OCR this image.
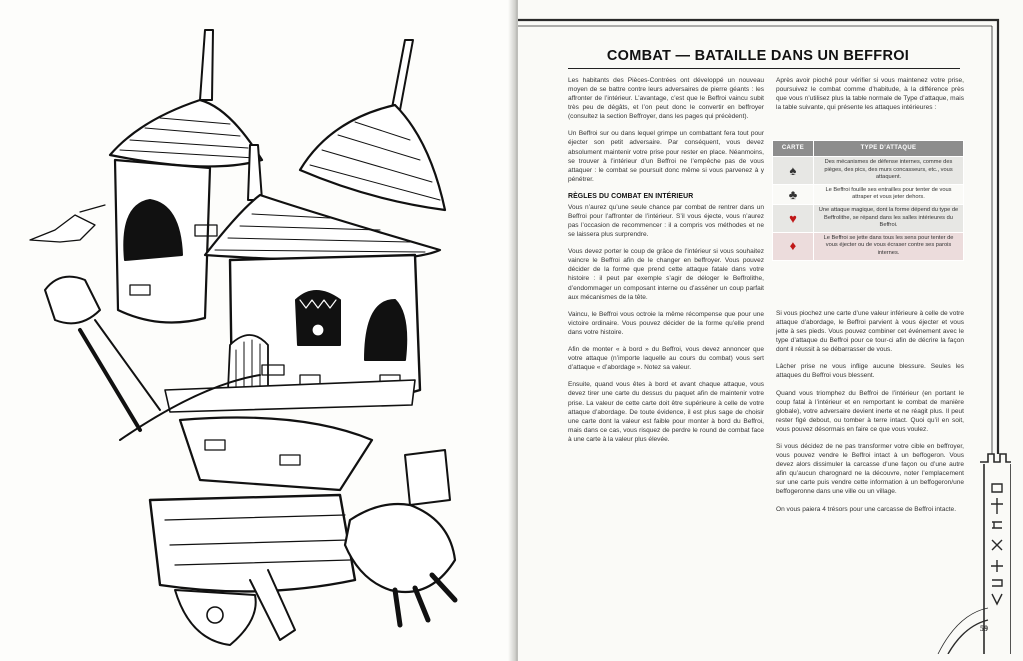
COMBAT — BATAILLE DANS UN BEFFROI

Les habitants des Pièces-Contrées ont développé un nouveau moyen de se battre contre leurs adversaires de pierre géants : les affronter de l’intérieur. L’avantage, c’est que le Beffroi vaincu subit très peu de dégâts, et l’on peut donc le convertir en beffroyer (consultez la section Beffroyer, dans les pages qui précèdent).

Un Beffroi sur ou dans lequel grimpe un combattant fera tout pour éjecter son petit adversaire. Par conséquent, vous devez absolument maintenir votre prise pour rester en place. Néanmoins, se trouver à l’intérieur d’un Beffroi ne l’empêche pas de vous attaquer : le combat se poursuit donc même si vous parvenez à y pénétrer.

RÈGLES DU COMBAT EN INTÉRIEUR

Vous n’aurez qu’une seule chance par combat de rentrer dans un Beffroi pour l’affronter de l’intérieur. S’il vous éjecte, vous n’aurez pas l’occasion de recommencer : il a compris vos méthodes et ne se laissera plus surprendre.

Vous devez porter le coup de grâce de l’intérieur si vous souhaitez vaincre le Beffroi afin de le changer en beffroyer. Vous pouvez décider de la forme que prend cette attaque fatale dans votre histoire : il peut par exemple s’agir de déloger le Beffrolithe, d’endommager un composant interne ou d’asséner un coup parfait aux mécanismes de la tête.

Vaincu, le Beffroi vous octroie la même récompense que pour une victoire ordinaire. Vous pouvez décider de la forme qu’elle prend dans votre histoire.

Afin de monter « à bord » du Beffroi, vous devez annoncer que votre attaque (n’importe laquelle au cours du combat) vous sert d’attaque « d’abordage ». Notez sa valeur.

Ensuite, quand vous êtes à bord et avant chaque attaque, vous devez tirer une carte du dessus du paquet afin de maintenir votre prise. La valeur de cette carte doit être supérieure à celle de votre attaque d’abordage. De toute évidence, il est plus sage de choisir une carte dont la valeur est faible pour monter à bord du Beffroi, mais dans ce cas, vous risquez de perdre le round de combat face à une carte à la valeur plus élevée.

Après avoir pioché pour vérifier si vous maintenez votre prise, poursuivez le combat comme d’habitude, à la différence près que vous n’utilisez plus la table normale de Type d’attaque, mais la table suivante, qui présente les attaques intérieures :

CARTE	TYPE D’ATTAQUE
♠	Des mécanismes de défense internes, comme des pièges, des pics, des murs concasseurs, etc., vous attaquent.
♣	Le Beffroi fouille ses entrailles pour tenter de vous attraper et vous jeter dehors.
♥	Une attaque magique, dont la forme dépend du type de Beffrolithe, se répand dans les salles intérieures du Beffroi.
♦	Le Beffroi se jette dans tous les sens pour tenter de vous éjecter ou de vous écraser contre ses parois internes.

Si vous piochez une carte d’une valeur inférieure à celle de votre attaque d’abordage, le Beffroi parvient à vous éjecter et vous jette à ses pieds. Vous pouvez combiner cet événement avec le type d’attaque du Beffroi pour ce tour-ci afin de décrire la façon dont il réussit à se débarrasser de vous.

Lâcher prise ne vous inflige aucune blessure. Seules les attaques du Beffroi vous blessent.

Quand vous triomphez du Beffroi de l’intérieur (en portant le coup fatal à l’intérieur et en remportant le combat de manière globale), votre adversaire devient inerte et ne réagit plus. Il peut rester figé debout, ou tomber à terre intact. Quoi qu’il en soit, vous pouvez désormais en faire ce que vous voulez.

Si vous décidez de ne pas transformer votre cible en beffroyer, vous pouvez vendre le Beffroi intact à un beffogeron. Vous devez alors dissimuler la carcasse d’une façon ou d’une autre afin qu’aucun charognard ne la découvre, noter l’emplacement sur une carte puis vendre cette information à un beffogeron/une beffogeronne dans une ville ou un village.

On vous paiera 4 trésors pour une carcasse de Beffroi intacte.

59
